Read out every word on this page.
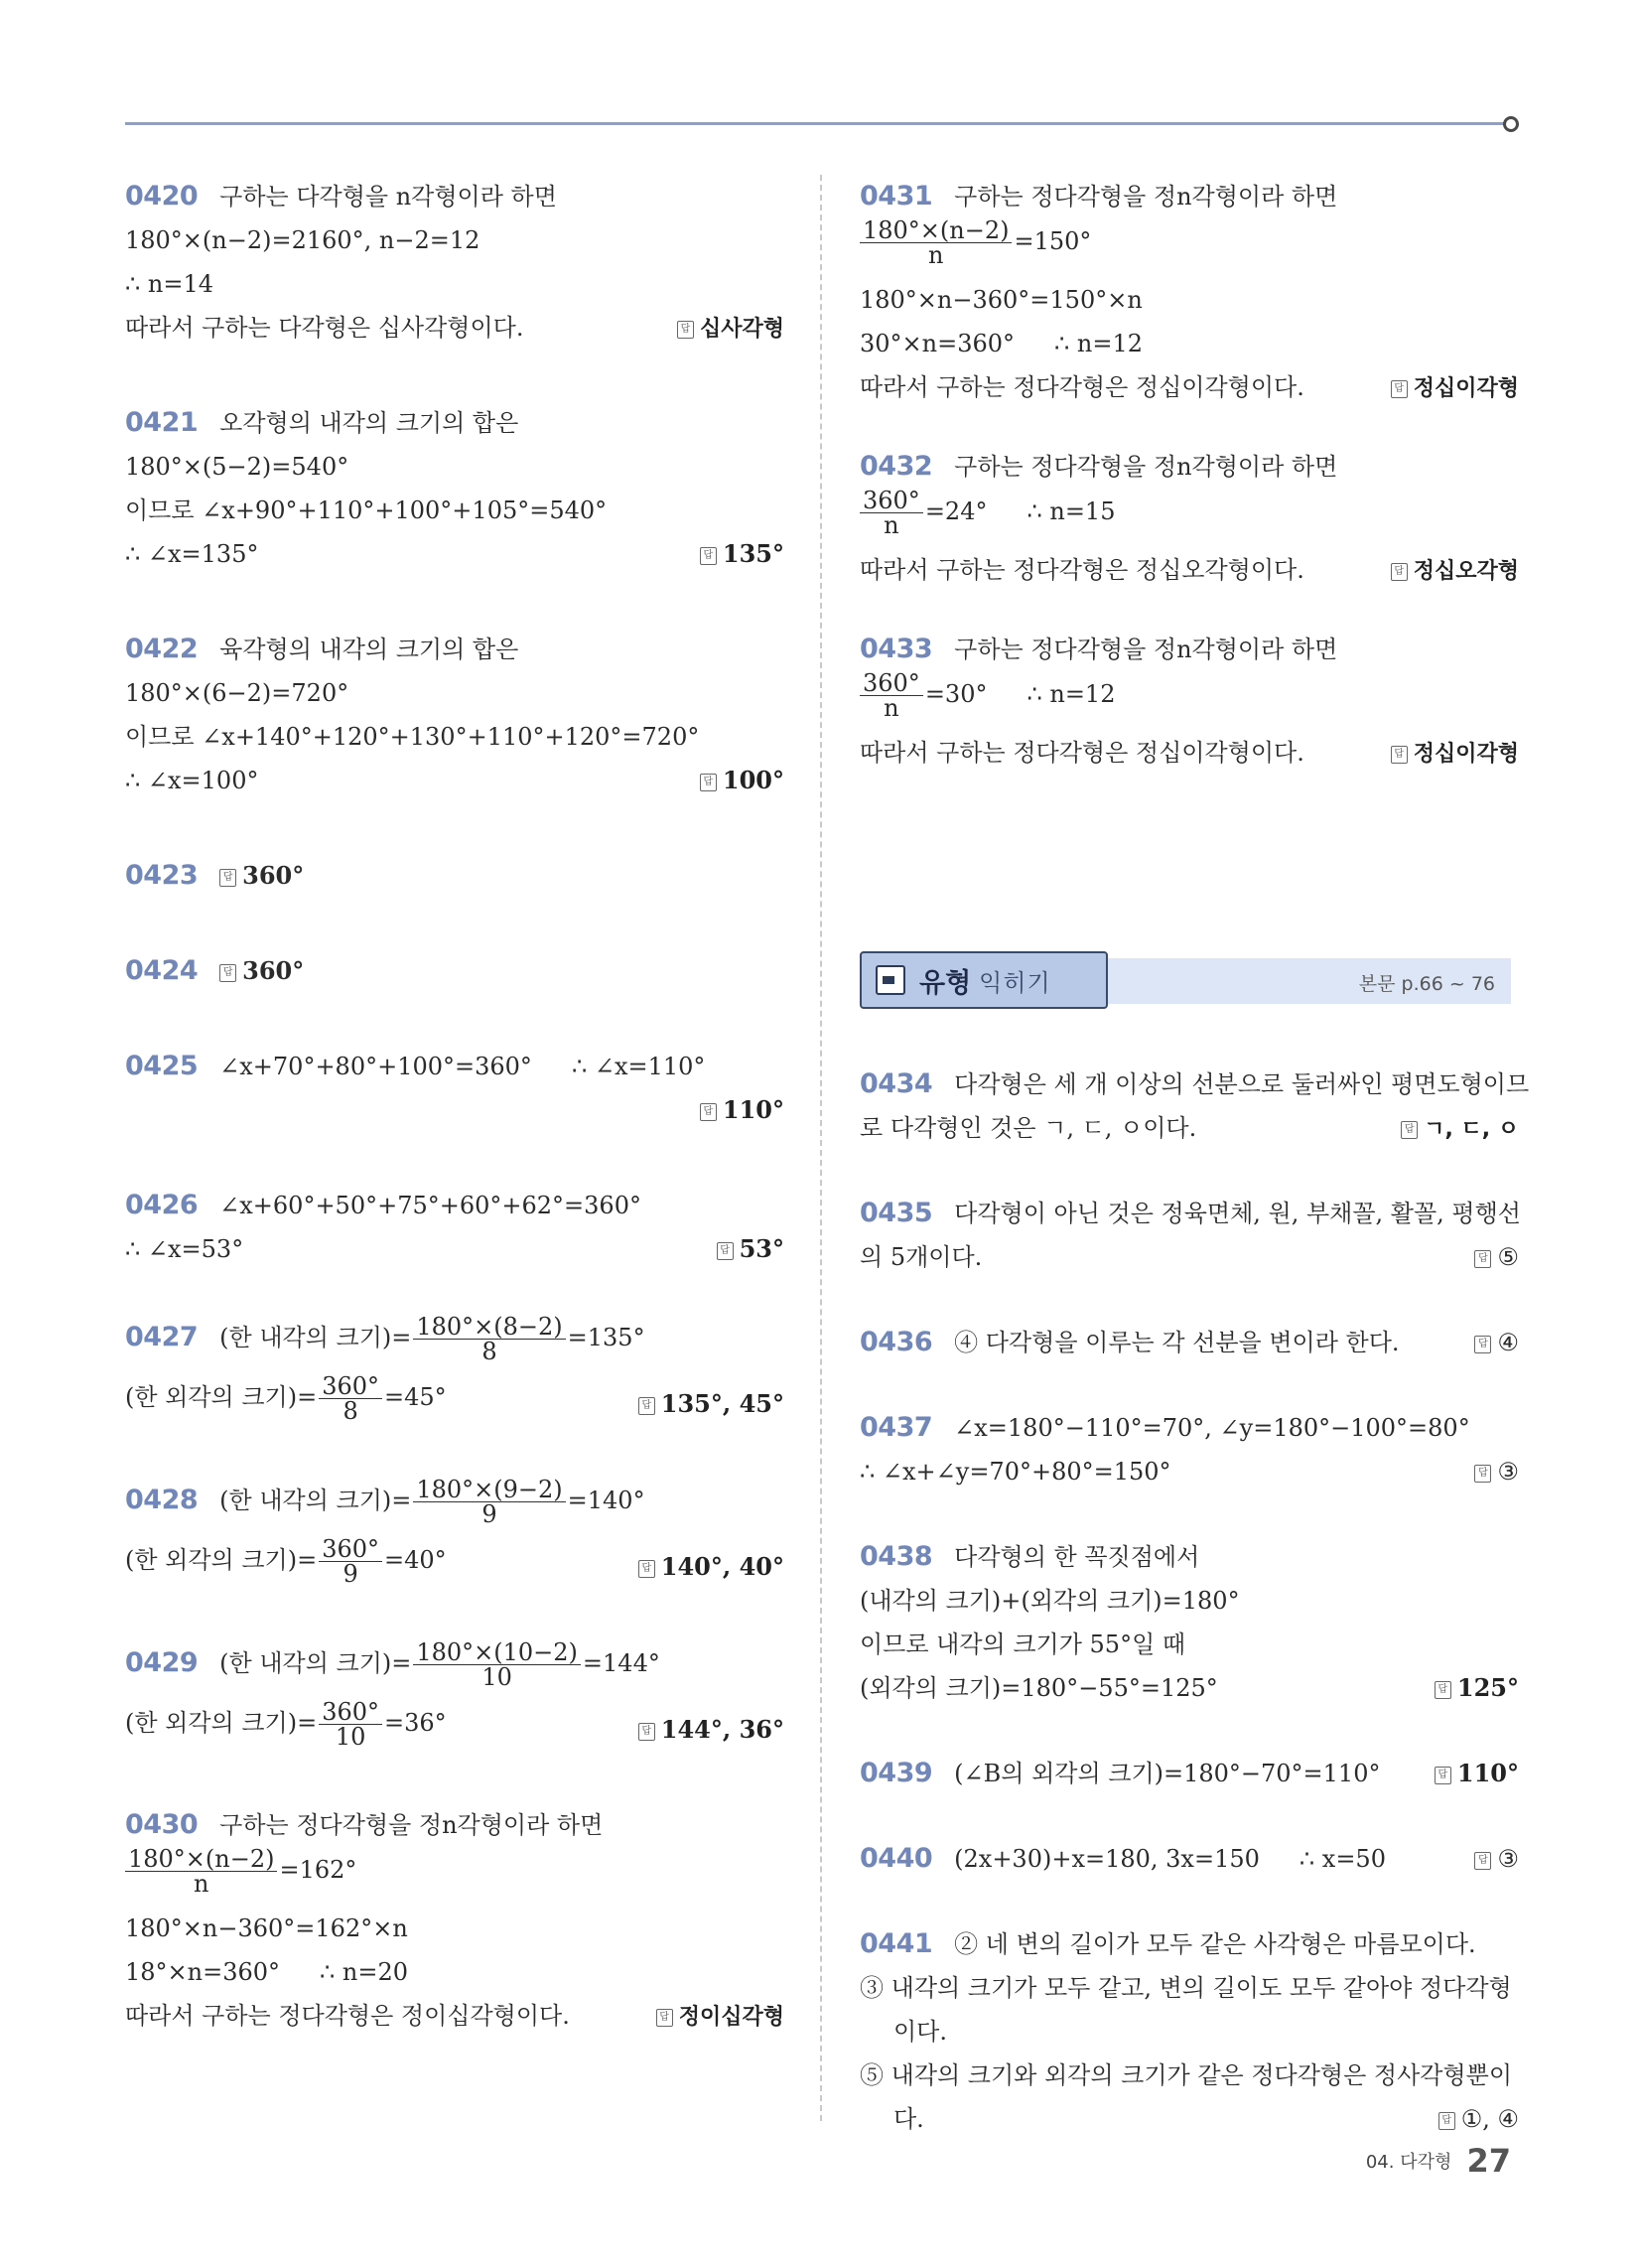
0420 구하는 다각형을 n각형이라 하면
180°×(n−2)=2160°, n−2=12
∴ n=14
따라서 구하는 다각형은 십사각형이다.	답 십사각형
0421 오각형의 내각의 크기의 합은
180°×(5−2)=540°
이므로 ∠x+90°+110°+100°+105°=540°
∴ ∠x=135°	답 135°
0422 육각형의 내각의 크기의 합은
180°×(6−2)=720°
이므로 ∠x+140°+120°+130°+110°+120°=720°
∴ ∠x=100°	답 100°
0423	답 360°
0424	답 360°
0425 ∠x+70°+80°+100°=360° ∴ ∠x=110°
답 110°
0426 ∠x+60°+50°+75°+60°+62°=360°
∴ ∠x=53°	답 53°
0427 (한 내각의 크기)= $\frac{180^\circ\times(8-2)}{8} =135^\circ$
(한 외각의 크기)= $\frac{360^\circ}{8} =45^\circ$	답 135°, 45°
0428 (한 내각의 크기)= $\frac{180^\circ\times(9-2)}{9} =140^\circ$
(한 외각의 크기)= $\frac{360^\circ}{9} =40^\circ$	답 140°, 40°
0429 (한 내각의 크기)= $\frac{180^\circ\times(10-2)}{10} =144^\circ$
(한 외각의 크기)= $\frac{360^\circ}{10} =36^\circ$	답 144°, 36°
0430 구하는 정다각형을 정n각형이라 하면
$\frac{180^\circ\times(n-2)}{n} =162^\circ$
180°×n−360°=162°×n
18°×n=360° ∴ n=20
따라서 구하는 정다각형은 정이십각형이다.	답 정이십각형
0431 구하는 정다각형을 정n각형이라 하면
$\frac{180^\circ\times(n-2)}{n} =150^\circ$
180°×n−360°=150°×n
30°×n=360° ∴ n=12
따라서 구하는 정다각형은 정십이각형이다.	답 정십이각형
0432 구하는 정다각형을 정n각형이라 하면
$\frac{360^\circ}{n} =24^\circ$ ∴ n=15
따라서 구하는 정다각형은 정십오각형이다.	답 정십오각형
0433 구하는 정다각형을 정n각형이라 하면
$\frac{360^\circ}{n} =30^\circ$ ∴ n=12
따라서 구하는 정다각형은 정십이각형이다.	답 정십이각형
유형 익히기	본문 p.66 ~ 76
0434 다각형은 세 개 이상의 선분으로 둘러싸인 평면도형이므
로 다각형인 것은 ㄱ, ㄷ, ㅇ이다.	답 ㄱ, ㄷ, ㅇ
0435 다각형이 아닌 것은 정육면체, 원, 부채꼴, 활꼴, 평행선
의 5개이다.	답 ⑤
0436 ④ 다각형을 이루는 각 선분을 변이라 한다.	답 ④
0437 ∠x=180°−110°=70°, ∠y=180°−100°=80°
∴ ∠x+∠y=70°+80°=150°	답 ③
0438 다각형의 한 꼭짓점에서
(내각의 크기)+(외각의 크기)=180°
이므로 내각의 크기가 55°일 때
(외각의 크기)=180°−55°=125°	답 125°
0439 (∠B의 외각의 크기)=180°−70°=110°	답 110°
0440 (2x+30)+x=180, 3x=150 ∴ x=50	답 ③
0441 ② 네 변의 길이가 모두 같은 사각형은 마름모이다.
③ 내각의 크기가 모두 같고, 변의 길이도 모두 같아야 정다각형
이다.
⑤ 내각의 크기와 외각의 크기가 같은 정다각형은 정사각형뿐이
다.	답 ①, ④
04. 다각형 27
